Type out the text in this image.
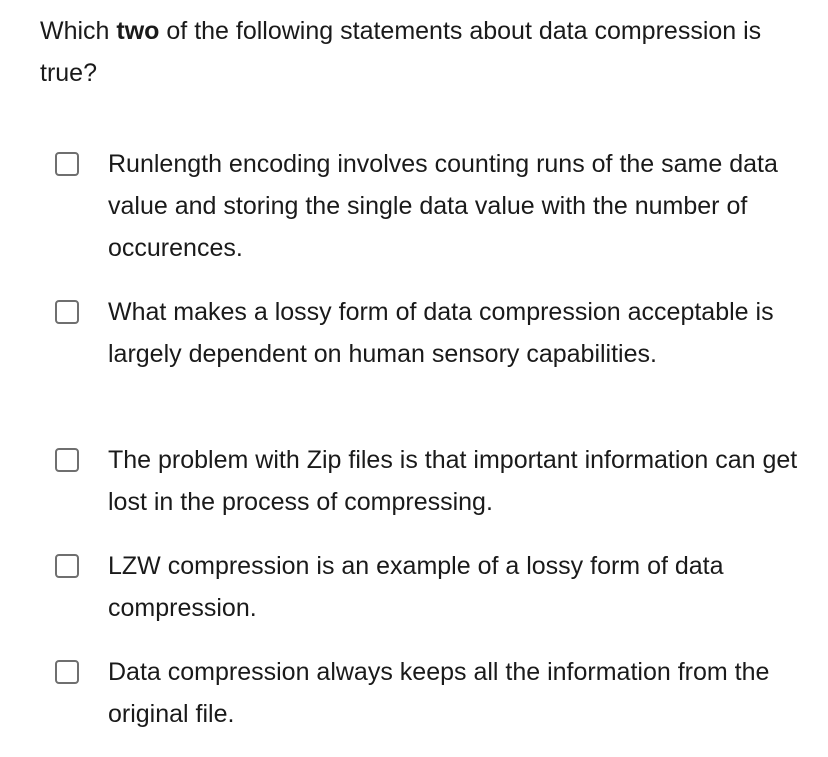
Which two of the following statements about data compression is true?
Runlength encoding involves counting runs of the same data value and storing the single data value with the number of occurences.
What makes a lossy form of data compression acceptable is largely dependent on human sensory capabilities.
The problem with Zip files is that important information can get lost in the process of compressing.
LZW compression is an example of a lossy form of data compression.
Data compression always keeps all the information from the original file.
